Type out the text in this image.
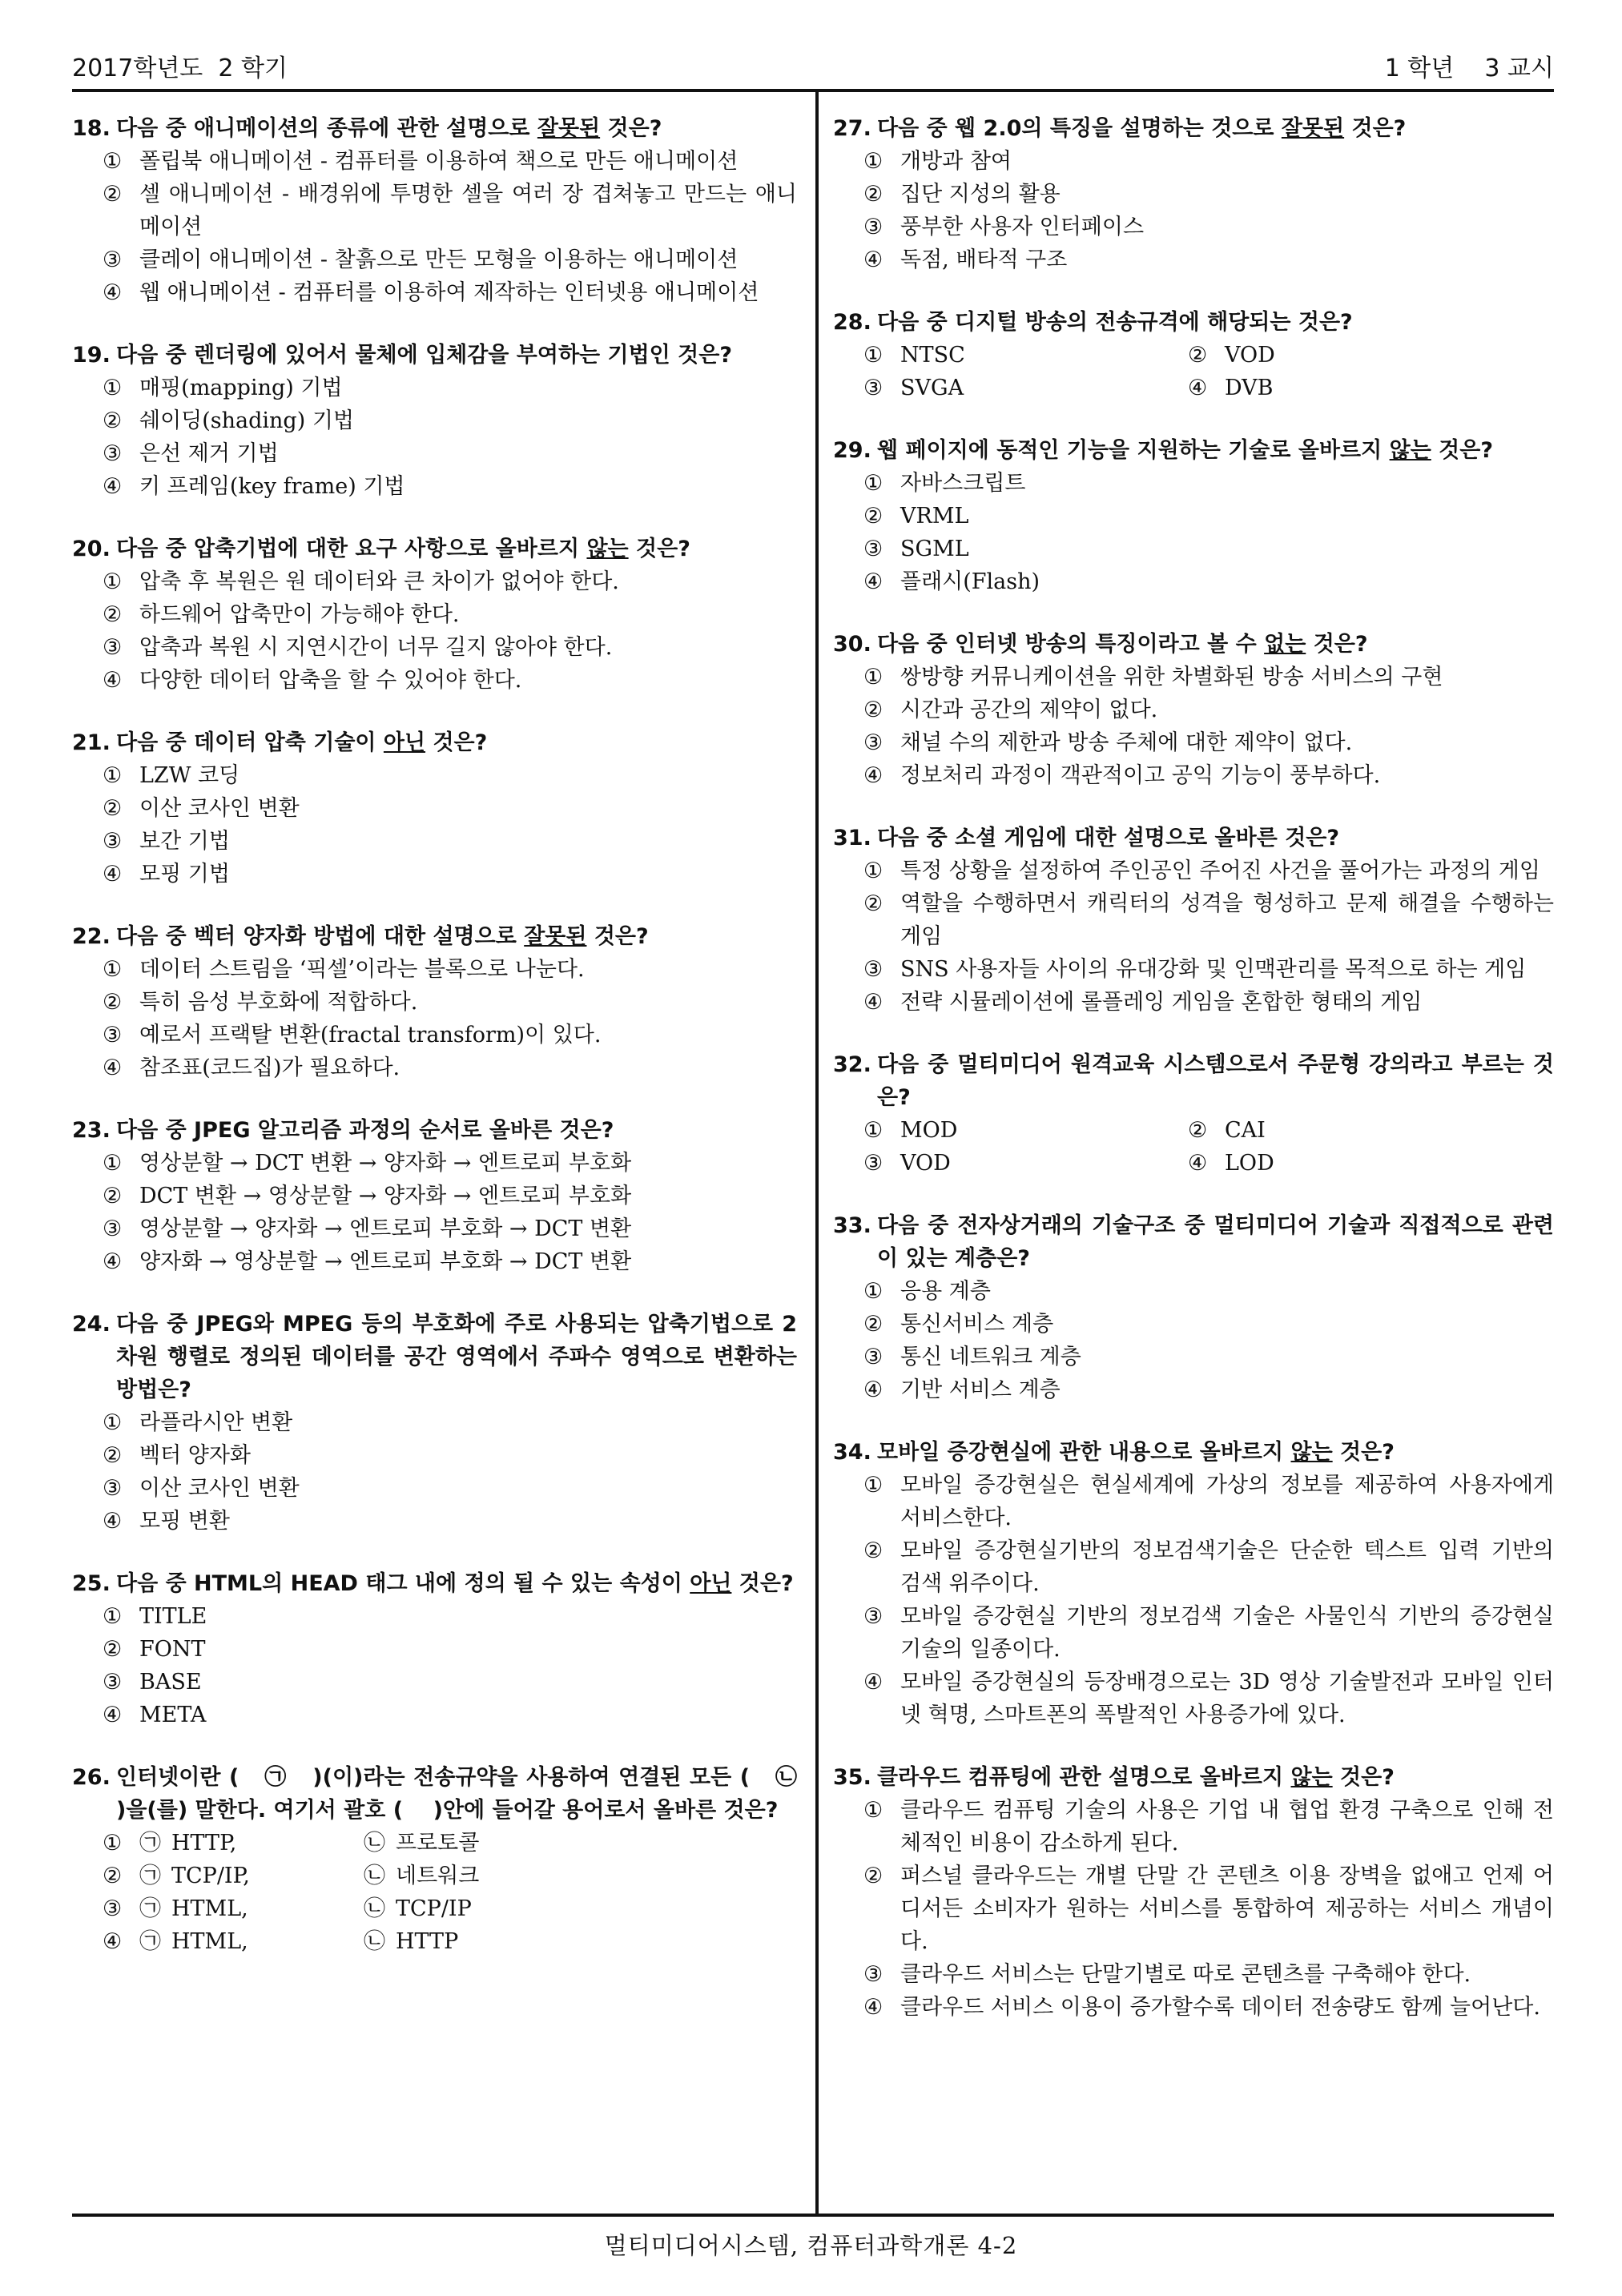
2017학년도  2 학기	1 학년    3 교시
18. 다음 중 애니메이션의 종류에 관한 설명으로 잘못된 것은?
① 폴립북 애니메이션 - 컴퓨터를 이용하여 책으로 만든 애니메이션
② 셀 애니메이션 - 배경위에 투명한 셀을 여러 장 겹쳐놓고 만드는 애니메이션
③ 클레이 애니메이션 - 찰흙으로 만든 모형을 이용하는 애니메이션
④ 웹 애니메이션 - 컴퓨터를 이용하여 제작하는 인터넷용 애니메이션
19. 다음 중 렌더링에 있어서 물체에 입체감을 부여하는 기법인 것은?
① 매핑(mapping) 기법
② 쉐이딩(shading) 기법
③ 은선 제거 기법
④ 키 프레임(key frame) 기법
20. 다음 중 압축기법에 대한 요구 사항으로 올바르지 않는 것은?
① 압축 후 복원은 원 데이터와 큰 차이가 없어야 한다.
② 하드웨어 압축만이 가능해야 한다.
③ 압축과 복원 시 지연시간이 너무 길지 않아야 한다.
④ 다양한 데이터 압축을 할 수 있어야 한다.
21. 다음 중 데이터 압축 기술이 아닌 것은?
① LZW 코딩
② 이산 코사인 변환
③ 보간 기법
④ 모핑 기법
22. 다음 중 벡터 양자화 방법에 대한 설명으로 잘못된 것은?
① 데이터 스트림을 ‘픽셀’이라는 블록으로 나눈다.
② 특히 음성 부호화에 적합하다.
③ 예로서 프랙탈 변환(fractal transform)이 있다.
④ 참조표(코드집)가 필요하다.
23. 다음 중 JPEG 알고리즘 과정의 순서로 올바른 것은?
① 영상분할 → DCT 변환 → 양자화 → 엔트로피 부호화
② DCT 변환 → 영상분할 → 양자화 → 엔트로피 부호화
③ 영상분할 → 양자화 → 엔트로피 부호화 → DCT 변환
④ 양자화 → 영상분할 → 엔트로피 부호화 → DCT 변환
24. 다음 중 JPEG와 MPEG 등의 부호화에 주로 사용되는 압축기법으로 2차원 행렬로 정의된 데이터를 공간 영역에서 주파수 영역으로 변환하는 방법은?
① 라플라시안 변환
② 벡터 양자화
③ 이산 코사인 변환
④ 모핑 변환
25. 다음 중 HTML의 HEAD 태그 내에 정의 될 수 있는 속성이 아닌 것은?
① TITLE
② FONT
③ BASE
④ META
26. 인터넷이란 (   ㉠   )(이)라는 전송규약을 사용하여 연결된 모든 (   ㉡   )을(를) 말한다. 여기서 괄호 (    )안에 들어갈 용어로서 올바른 것은?
① ㉠ HTTP,	㉡ 프로토콜
② ㉠ TCP/IP,	㉡ 네트워크
③ ㉠ HTML,	㉡ TCP/IP
④ ㉠ HTML,	㉡ HTTP
27. 다음 중 웹 2.0의 특징을 설명하는 것으로 잘못된 것은?
① 개방과 참여
② 집단 지성의 활용
③ 풍부한 사용자 인터페이스
④ 독점, 배타적 구조
28. 다음 중 디지털 방송의 전송규격에 해당되는 것은?
① NTSC	② VOD
③ SVGA	④ DVB
29. 웹 페이지에 동적인 기능을 지원하는 기술로 올바르지 않는 것은?
① 자바스크립트
② VRML
③ SGML
④ 플래시(Flash)
30. 다음 중 인터넷 방송의 특징이라고 볼 수 없는 것은?
① 쌍방향 커뮤니케이션을 위한 차별화된 방송 서비스의 구현
② 시간과 공간의 제약이 없다.
③ 채널 수의 제한과 방송 주체에 대한 제약이 없다.
④ 정보처리 과정이 객관적이고 공익 기능이 풍부하다.
31. 다음 중 소셜 게임에 대한 설명으로 올바른 것은?
① 특정 상황을 설정하여 주인공인 주어진 사건을 풀어가는 과정의 게임
② 역할을 수행하면서 캐릭터의 성격을 형성하고 문제 해결을 수행하는 게임
③ SNS 사용자들 사이의 유대강화 및 인맥관리를 목적으로 하는 게임
④ 전략 시뮬레이션에 롤플레잉 게임을 혼합한 형태의 게임
32. 다음 중 멀티미디어 원격교육 시스템으로서 주문형 강의라고 부르는 것은?
① MOD	② CAI
③ VOD	④ LOD
33. 다음 중 전자상거래의 기술구조 중 멀티미디어 기술과 직접적으로 관련이 있는 계층은?
① 응용 계층
② 통신서비스 계층
③ 통신 네트워크 계층
④ 기반 서비스 계층
34. 모바일 증강현실에 관한 내용으로 올바르지 않는 것은?
① 모바일 증강현실은 현실세계에 가상의 정보를 제공하여 사용자에게 서비스한다.
② 모바일 증강현실기반의 정보검색기술은 단순한 텍스트 입력 기반의 검색 위주이다.
③ 모바일 증강현실 기반의 정보검색 기술은 사물인식 기반의 증강현실 기술의 일종이다.
④ 모바일 증강현실의 등장배경으로는 3D 영상 기술발전과 모바일 인터넷 혁명, 스마트폰의 폭발적인 사용증가에 있다.
35. 클라우드 컴퓨팅에 관한 설명으로 올바르지 않는 것은?
① 클라우드 컴퓨팅 기술의 사용은 기업 내 협업 환경 구축으로 인해 전체적인 비용이 감소하게 된다.
② 퍼스널 클라우드는 개별 단말 간 콘텐츠 이용 장벽을 없애고 언제 어디서든 소비자가 원하는 서비스를 통합하여 제공하는 서비스 개념이다.
③ 클라우드 서비스는 단말기별로 따로 콘텐츠를 구축해야 한다.
④ 클라우드 서비스 이용이 증가할수록 데이터 전송량도 함께 늘어난다.
멀티미디어시스템, 컴퓨터과학개론 4-2
